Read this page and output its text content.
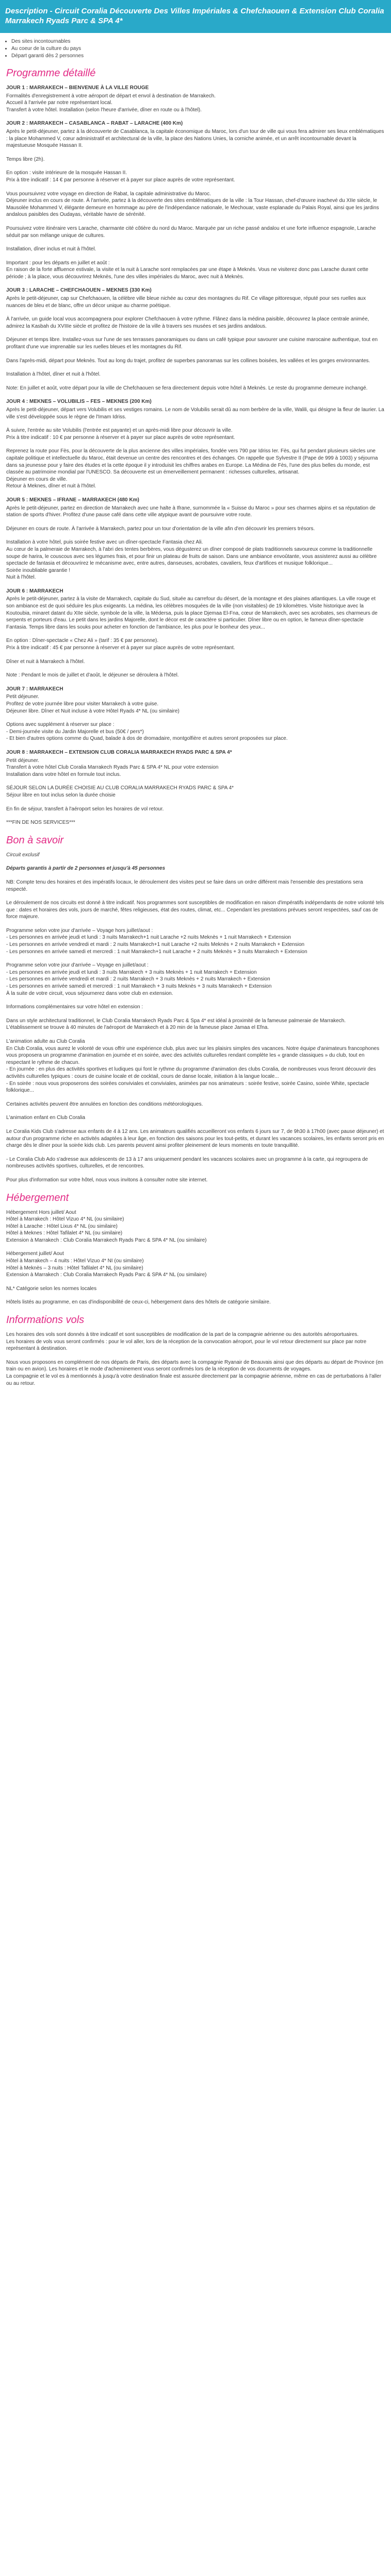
Description - Circuit Coralia Découverte Des Villes Impériales & Chefchaouen & Extension Club Coralia Marrakech Ryads Parc & SPA 4*
• Des sites incontournables
• Au coeur de la culture du pays
• Départ garanti dès 2 personnes
Programme détaillé
JOUR 1 : MARRAKECH – BIENVENUE À LA VILLE ROUGE

Formalités d'enregistrement à votre aéroport de départ et envol à destination de Marrakech.
Accueil à l'arrivée par notre représentant local.
Transfert à votre hôtel. Installation (selon l'heure d'arrivée, dîner en route ou à l'hôtel).

JOUR 2 : MARRAKECH – CASABLANCA – RABAT – LARACHE (400 Km)

Après le petit-déjeuner, partez à la découverte de Casablanca, la capitale économique du Maroc, lors d'un tour de ville qui vous fera admirer ses lieux emblématiques : la place Mohammed V, cœur administratif et architectural de la ville, la place des Nations Unies, la corniche animée, et un arrêt incontournable devant la majestueuse Mosquée Hassan II.

Temps libre (2h).

En option : visite intérieure de la mosquée Hassan II.
Prix à titre indicatif : 14 € par personne à réserver et à payer sur place auprès de votre représentant.

Vous poursuivrez votre voyage en direction de Rabat, la capitale administrative du Maroc.
Déjeuner inclus en cours de route. À l'arrivée, partez à la découverte des sites emblématiques de la ville : la Tour Hassan, chef-d'œuvre inachevé du XIIe siècle, le Mausolée Mohammed V, élégante demeure en hommage au père de l'indépendance nationale, le Mechouar, vaste esplanade du Palais Royal, ainsi que les jardins andalous paisibles des Oudayas, véritable havre de sérénité.

Poursuivez votre itinéraire vers Larache, charmante cité côtière du nord du Maroc. Marquée par un riche passé andalou et une forte influence espagnole, Larache séduit par son mélange unique de cultures.

Installation, dîner inclus et nuit à l'hôtel.

Important : pour les départs en juillet et août :
En raison de la forte affluence estivale, la visite et la nuit à Larache sont remplacées par une étape à Meknès. Vous ne visiterez donc pas Larache durant cette période ; à la place, vous découvrirez Meknès, l'une des villes impériales du Maroc, avec nuit à Meknès.

JOUR 3 : LARACHE – CHEFCHAOUEN – MEKNES (330 Km)

Après le petit-déjeuner, cap sur Chefchaouen, la célèbre ville bleue nichée au cœur des montagnes du Rif. Ce village pittoresque, réputé pour ses ruelles aux nuances de bleu et de blanc, offre un décor unique au charme poétique.

À l'arrivée, un guide local vous accompagnera pour explorer Chefchaouen à votre rythme. Flânez dans la médina paisible, découvrez la place centrale animée, admirez la Kasbah du XVIIIe siècle et profitez de l'histoire de la ville à travers ses musées et ses jardins andalous.

Déjeuner et temps libre. Installez-vous sur l'une de ses terrasses panoramiques ou dans un café typique pour savourer une cuisine marocaine authentique, tout en profitant d'une vue imprenable sur les ruelles bleues et les montagnes du Rif.

Dans l'après-midi, départ pour Meknès. Tout au long du trajet, profitez de superbes panoramas sur les collines boisées, les vallées et les gorges environnantes.

Installation à l'hôtel, dîner et nuit à l'hôtel.

Note: En juillet et août, votre départ pour la ville de Chefchaouen se fera directement depuis votre hôtel à Meknès. Le reste du programme demeure inchangé.

JOUR 4 : MEKNES – VOLUBILIS – FES – MEKNES (200 Km)

Après le petit-déjeuner, départ vers Volubilis et ses vestiges romains. Le nom de Volubilis serait dû au nom berbère de la ville, Walili, qui désigne la fleur de laurier. La ville s'est développée sous le règne de l'Imam Idriss.

À suivre, l'entrée au site Volubilis (l'entrée est payante) et un après-midi libre pour découvrir la ville.
Prix à titre indicatif : 10 € par personne à réserver et à payer sur place auprès de votre représentant.

Reprenez la route pour Fès, pour la découverte de la plus ancienne des villes impériales, fondée vers 790 par Idriss Ier. Fès, qui fut pendant plusieurs siècles une capitale politique et intellectuelle du Maroc, était devenue un centre des rencontres et des échanges. On rappelle que Sylvestre II (Pape de 999 à 1003) y séjourna dans sa jeunesse pour y faire des études et la cette époque il y introduisit les chiffres arabes en Europe. La Médina de Fès, l'une des plus belles du monde, est classée au patrimoine mondial par l'UNESCO. Sa découverte est un émerveillement permanent : richesses culturelles, artisanat.
Déjeuner en cours de ville.
Retour à Meknes, dîner et nuit à l'hôtel.

JOUR 5 : MEKNES – IFRANE – MARRAKECH (480 Km)

Après le petit-déjeuner, partez en direction de Marrakech avec une halte à Ifrane, surnommée la « Suisse du Maroc » pour ses charmes alpins et sa réputation de station de sports d'hiver. Profitez d'une pause café dans cette ville atypique avant de poursuivre votre route.

Déjeuner en cours de route. À l'arrivée à Marrakech, partez pour un tour d'orientation de la ville afin d'en découvrir les premiers trésors.

Installation à votre hôtel, puis soirée festive avec un dîner-spectacle Fantasia chez Ali.
Au cœur de la palmeraie de Marrakech, à l'abri des tentes berbères, vous dégusterez un dîner composé de plats traditionnels savoureux comme la traditionnelle soupe de harira, le couscous avec ses légumes frais, et pour finir un plateau de fruits de saison. Dans une ambiance envoûtante, vous assisterez aussi au célèbre spectacle de fantasia et découvrirez le mécanisme avec, entre autres, danseuses, acrobates, cavaliers, feux d'artifices et musique folklorique...
Soirée inoubliable garantie !
Nuit à l'hôtel.

JOUR 6 : MARRAKECH

Après le petit-déjeuner, partez à la visite de Marrakech, capitale du Sud, située au carrefour du désert, de la montagne et des plaines atlantiques. La ville rouge et son ambiance est de quoi séduire les plus exigeants. La médina, les célèbres mosquées de la ville (non visitables) de 19 kilomètres. Visite historique avec la Koutoubia, minaret datant du XIIe siècle, symbole de la ville, la Médersa, puis la place Djemaa El-Fna, cœur de Marrakech, avec ses acrobates, ses charmeurs de serpents et porteurs d'eau. Le petit dans les jardins Majorelle, dont le décor est de caractère si particulier. Dîner libre ou en option, le fameux dîner-spectacle Fantasia. Temps libre dans les souks pour acheter en fonction de l'ambiance, les plus pour le bonheur des yeux...

En option : Dîner-spectacle « Chez Ali » (tarif : 35 € par personne).
Prix à titre indicatif : 45 € par personne à réserver et à payer sur place auprès de votre représentant.

Dîner et nuit à Marrakech à l'hôtel.

Note : Pendant le mois de juillet et d'août, le déjeuner se déroulera à l'hôtel.

JOUR 7 : MARRAKECH

Petit déjeuner.
Profitez de votre journée libre pour visiter Marrakech à votre guise.
Déjeuner libre. Dîner et Nuit incluse à votre Hôtel Ryads 4* NL (ou similaire)

Options avec supplément à réserver sur place :
- Demi-journée visite du Jardin Majorelle et bus (50€ / pers*)
- Et bien d'autres options comme du Quad, balade à dos de dromadaire, montgolfière et autres seront proposées sur place.

JOUR 8 : MARRAKECH – EXTENSION CLUB CORALIA MARRAKECH RYADS PARC & SPA 4*

Petit déjeuner.
Transfert à votre hôtel Club Coralia Marrakech Ryads Parc & SPA 4* NL pour votre extension
Installation dans votre hôtel en formule tout inclus.

SÉJOUR SELON LA DURÉE CHOISIE AU CLUB CORALIA MARRAKECH RYADS PARC & SPA 4*
Séjour libre en tout inclus selon la durée choisie

En fin de séjour, transfert à l'aéroport selon les horaires de vol retour.

***FIN DE NOS SERVICES***

Bon à savoir

Circuit exclusif

Départs garantis à partir de 2 personnes et jusqu'à 45 personnes

NB: Compte tenu des horaires et des impératifs locaux, le déroulement des visites peut se faire dans un ordre différent mais l'ensemble des prestations sera respecté.

Le déroulement de nos circuits est donné à titre indicatif. Nos programmes sont susceptibles de modification en raison d'impératifs indépendants de notre volonté tels que : dates et horaires des vols, jours de marché, fêtes religieuses, état des routes, climat, etc... Cependant les prestations prévues seront respectées, sauf cas de force majeure.

Programme selon votre jour d'arrivée – Voyage hors juillet/aout :
- Les personnes en arrivée jeudi et lundi : 3 nuits Marrakech+1 nuit Larache +2 nuits Meknès + 1 nuit Marrakech + Extension
- Les personnes en arrivée vendredi et mardi : 2 nuits Marrakech+1 nuit Larache +2 nuits Meknès + 2 nuits Marrakech + Extension
- Les personnes en arrivée samedi et mercredi : 1 nuit Marrakech+1 nuit Larache + 2 nuits Meknès + 3 nuits Marrakech + Extension

Programme selon votre jour d'arrivée – Voyage en juillet/aout :
- Les personnes en arrivée jeudi et lundi : 3 nuits Marrakech + 3 nuits Meknès + 1 nuit Marrakech + Extension
- Les personnes en arrivée vendredi et mardi : 2 nuits Marrakech + 3 nuits Meknès + 2 nuits Marrakech + Extension
- Les personnes en arrivée samedi et mercredi : 1 nuit Marrakech + 3 nuits Meknès + 3 nuits Marrakech + Extension
À la suite de votre circuit, vous séjournerez dans votre club en extension.

Informations complémentaires sur votre hôtel en extension :

Dans un style architectural traditionnel, le Club Coralia Marrakech Ryads Parc & Spa 4* est idéal à proximité de la fameuse palmeraie de Marrakech.
L'établissement se trouve à 40 minutes de l'aéroport de Marrakech et à 20 min de la fameuse place Jamaa el Efna.

L'animation adulte au Club Coralia
En Club Coralia, vous aurez le volonté de vous offrir une expérience club, plus avec sur les plaisirs simples des vacances. Notre équipe d'animateurs francophones vous proposera un programme d'animation en journée et en soirée, avec des activités culturelles rendant complète les « grande classiques » du club, tout en respectant le rythme de chacun.
- En journée : en plus des activités sportives et ludiques qui font le rythme du programme d'animation des clubs Coralia, de nombreuses vous feront découvrir des activités culturelles typiques : cours de cuisine locale et de cocktail, cours de danse locale, initiation à la langue locale...
- En soirée : nous vous proposerons des soirées conviviales et conviviales, animées par nos animateurs : soirée festive, soirée Casino, soirée White, spectacle folklorique...

Certaines activités peuvent être annulées en fonction des conditions météorologiques.

L'animation enfant en Club Coralia

Le Coralia Kids Club s'adresse aux enfants de 4 à 12 ans. Les animateurs qualifiés accueilleront vos enfants 6 jours sur 7, de 9h30 à 17h00 (avec pause déjeuner) et autour d'un programme riche en activités adaptées à leur âge, en fonction des saisons pour les tout-petits, et durant les vacances scolaires, les enfants seront pris en charge dès le dîner pour la soirée kids club. Les parents peuvent ainsi profiter pleinement de leurs moments en toute tranquillité.

- Le Coralia Club Ado s'adresse aux adolescents de 13 à 17 ans uniquement pendant les vacances scolaires avec un programme à la carte, qui regroupera de nombreuses activités sportives, culturelles, et de rencontres.

Pour plus d'information sur votre hôtel, nous vous invitons à consulter notre site internet.

Hébergement

Hébergement Hors juillet/ Aout
Hôtel à Marrakech : Hôtel Vizuo 4* NL (ou similaire)
Hôtel à Larache : Hôtel Lixus 4* NL (ou similaire)
Hôtel à Meknes : Hôtel Tafilalet 4* NL (ou similaire)
Extension à Marrakech : Club Coralia Marrakech Ryads Parc & SPA 4* NL (ou similaire)

Hébergement juillet/ Aout
Hôtel à Marrakech – 4 nuits : Hôtel Vizuo 4* NI (ou similaire)
Hôtel à Meknès – 3 nuits : Hôtel Tafilalet 4* NL (ou similaire)
Extension à Marrakech : Club Coralia Marrakech Ryads Parc & SPA 4* NL (ou similaire)

NL* Catégorie selon les normes locales

Hôtels listés au programme, en cas d'indisponibilité de ceux-ci, hébergement dans des hôtels de catégorie similaire.

Informations vols

Les horaires des vols sont donnés à titre indicatif et sont susceptibles de modification de la part de la compagnie aérienne ou des autorités aéroportuaires.
Les horaires de vols vous seront confirmés : pour le vol aller, lors de la réception de la convocation aéroport, pour le vol retour directement sur place par notre représentant à destination.

Nous vous proposons en complément de nos départs de Paris, des départs avec la compagnie Ryanair de Beauvais ainsi que des départs au départ de Province (en train ou en avion). Les horaires et le mode d'acheminement vous seront confirmés lors de la réception de vos documents de voyages.
La compagnie et le vol es à mentionnés à jusqu'à votre destination finale est assurée directement par la compagnie aérienne, même en cas de perturbations à l'aller ou au retour.
